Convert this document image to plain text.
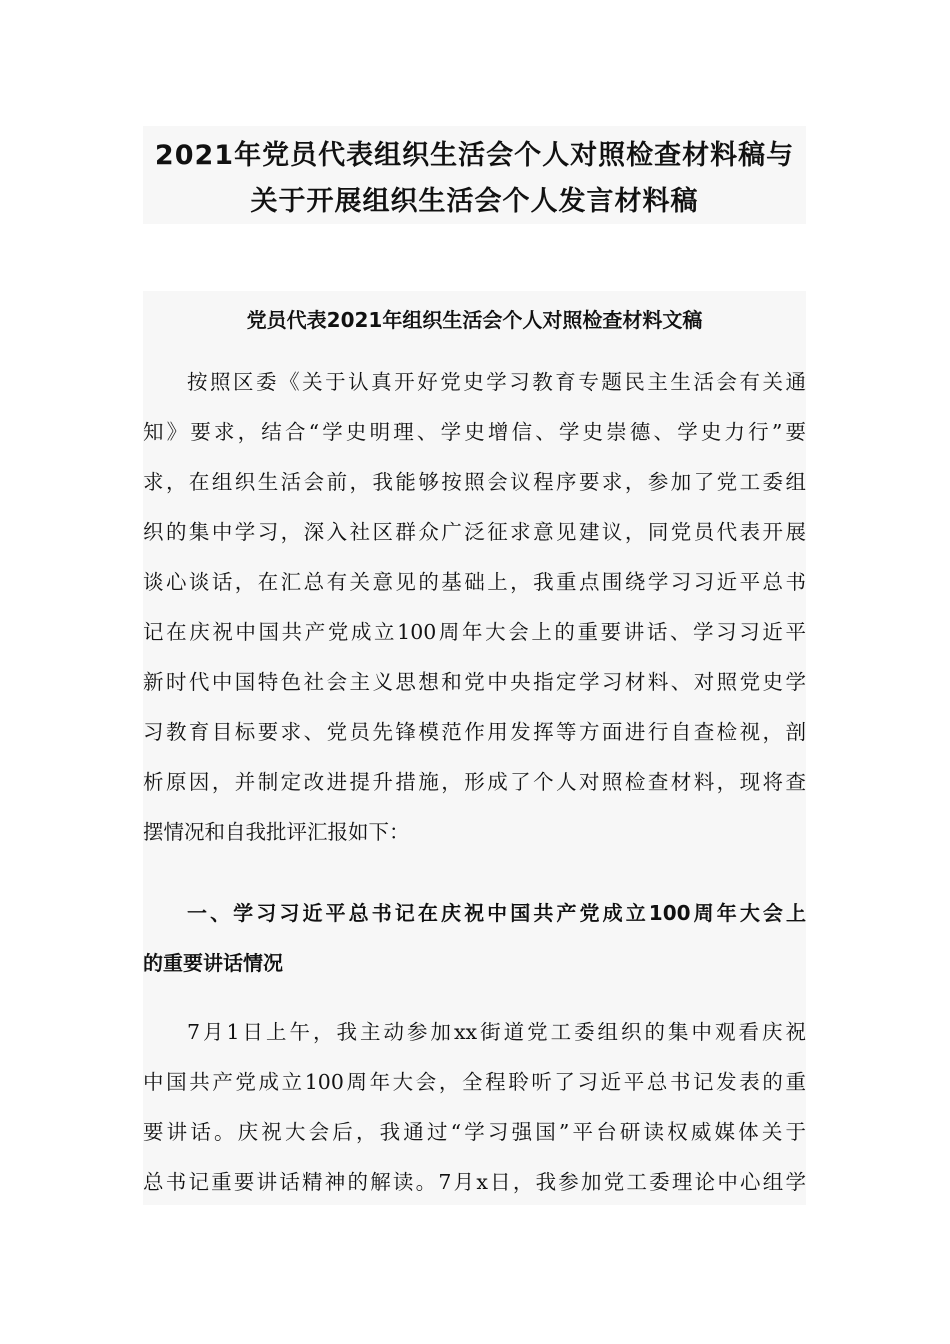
2021年党员代表组织生活会个人对照检查材料稿与
关于开展组织生活会个人发言材料稿
党员代表2021年组织生活会个人对照检查材料文稿
按照区委《关于认真开好党史学习教育专题民主生活会有关通
知》要求，结合“学史明理、学史增信、学史崇德、学史力行”要
求，在组织生活会前，我能够按照会议程序要求，参加了党工委组
织的集中学习，深入社区群众广泛征求意见建议，同党员代表开展
谈心谈话，在汇总有关意见的基础上，我重点围绕学习习近平总书
记在庆祝中国共产党成立100周年大会上的重要讲话、学习习近平
新时代中国特色社会主义思想和党中央指定学习材料、对照党史学
习教育目标要求、党员先锋模范作用发挥等方面进行自查检视，剖
析原因，并制定改进提升措施，形成了个人对照检查材料，现将查
摆情况和自我批评汇报如下：
一、学习习近平总书记在庆祝中国共产党成立100周年大会上
的重要讲话情况
7月1日上午，我主动参加xx街道党工委组织的集中观看庆祝
中国共产党成立100周年大会，全程聆听了习近平总书记发表的重
要讲话。庆祝大会后，我通过“学习强国”平台研读权威媒体关于
总书记重要讲话精神的解读。7月x日，我参加党工委理论中心组学
